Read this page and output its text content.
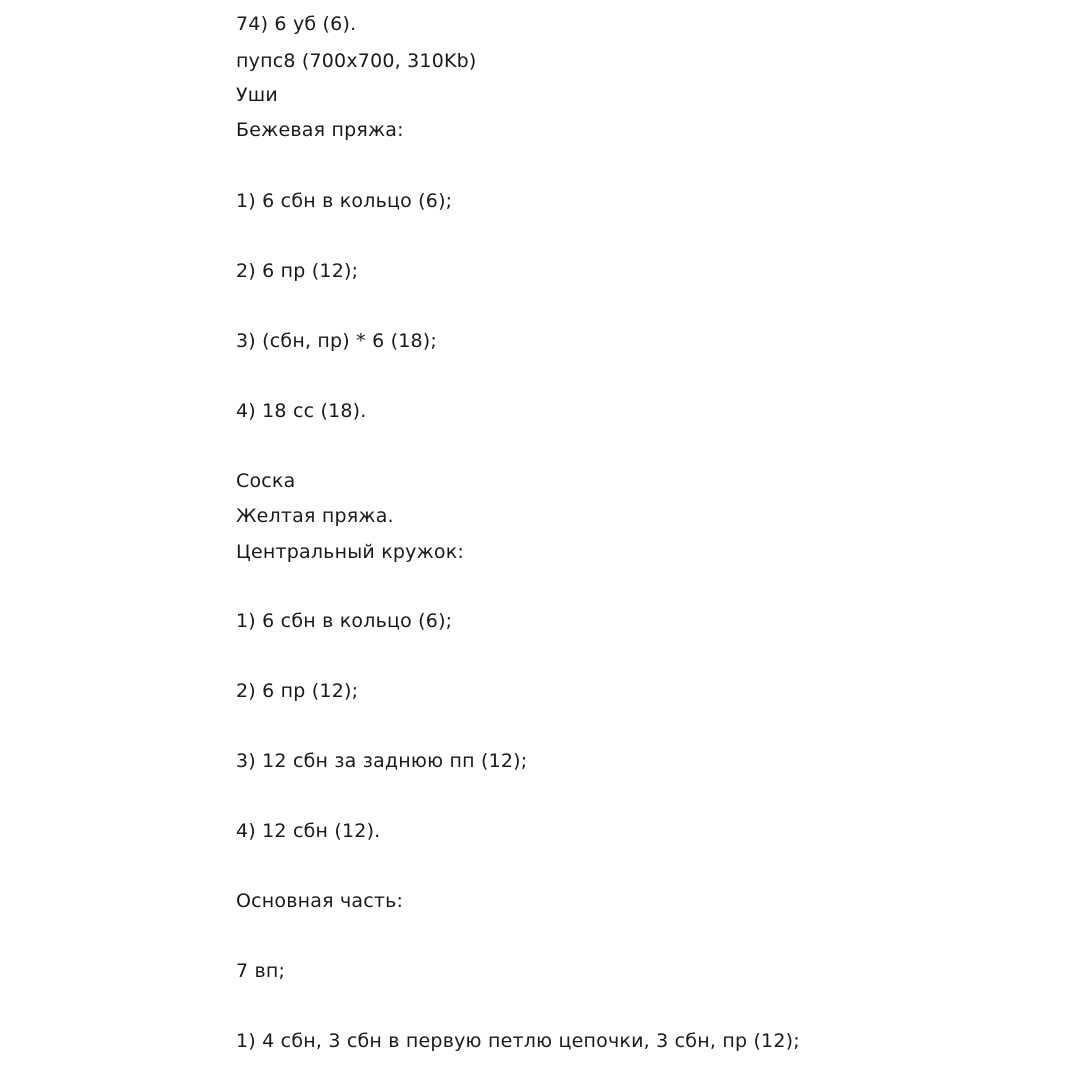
74) 6 уб (6).
пупс8 (700x700, 310Kb)
Уши
Бежевая пряжа:
1) 6 сбн в кольцо (6);
2) 6 пр (12);
3) (сбн, пр) * 6 (18);
4) 18 сс (18).
Соска
Желтая пряжа.
Центральный кружок:
1) 6 сбн в кольцо (6);
2) 6 пр (12);
3) 12 сбн за заднюю пп (12);
4) 12 сбн (12).
Основная часть:
7 вп;
1) 4 сбн, 3 сбн в первую петлю цепочки, 3 сбн, пр (12);
